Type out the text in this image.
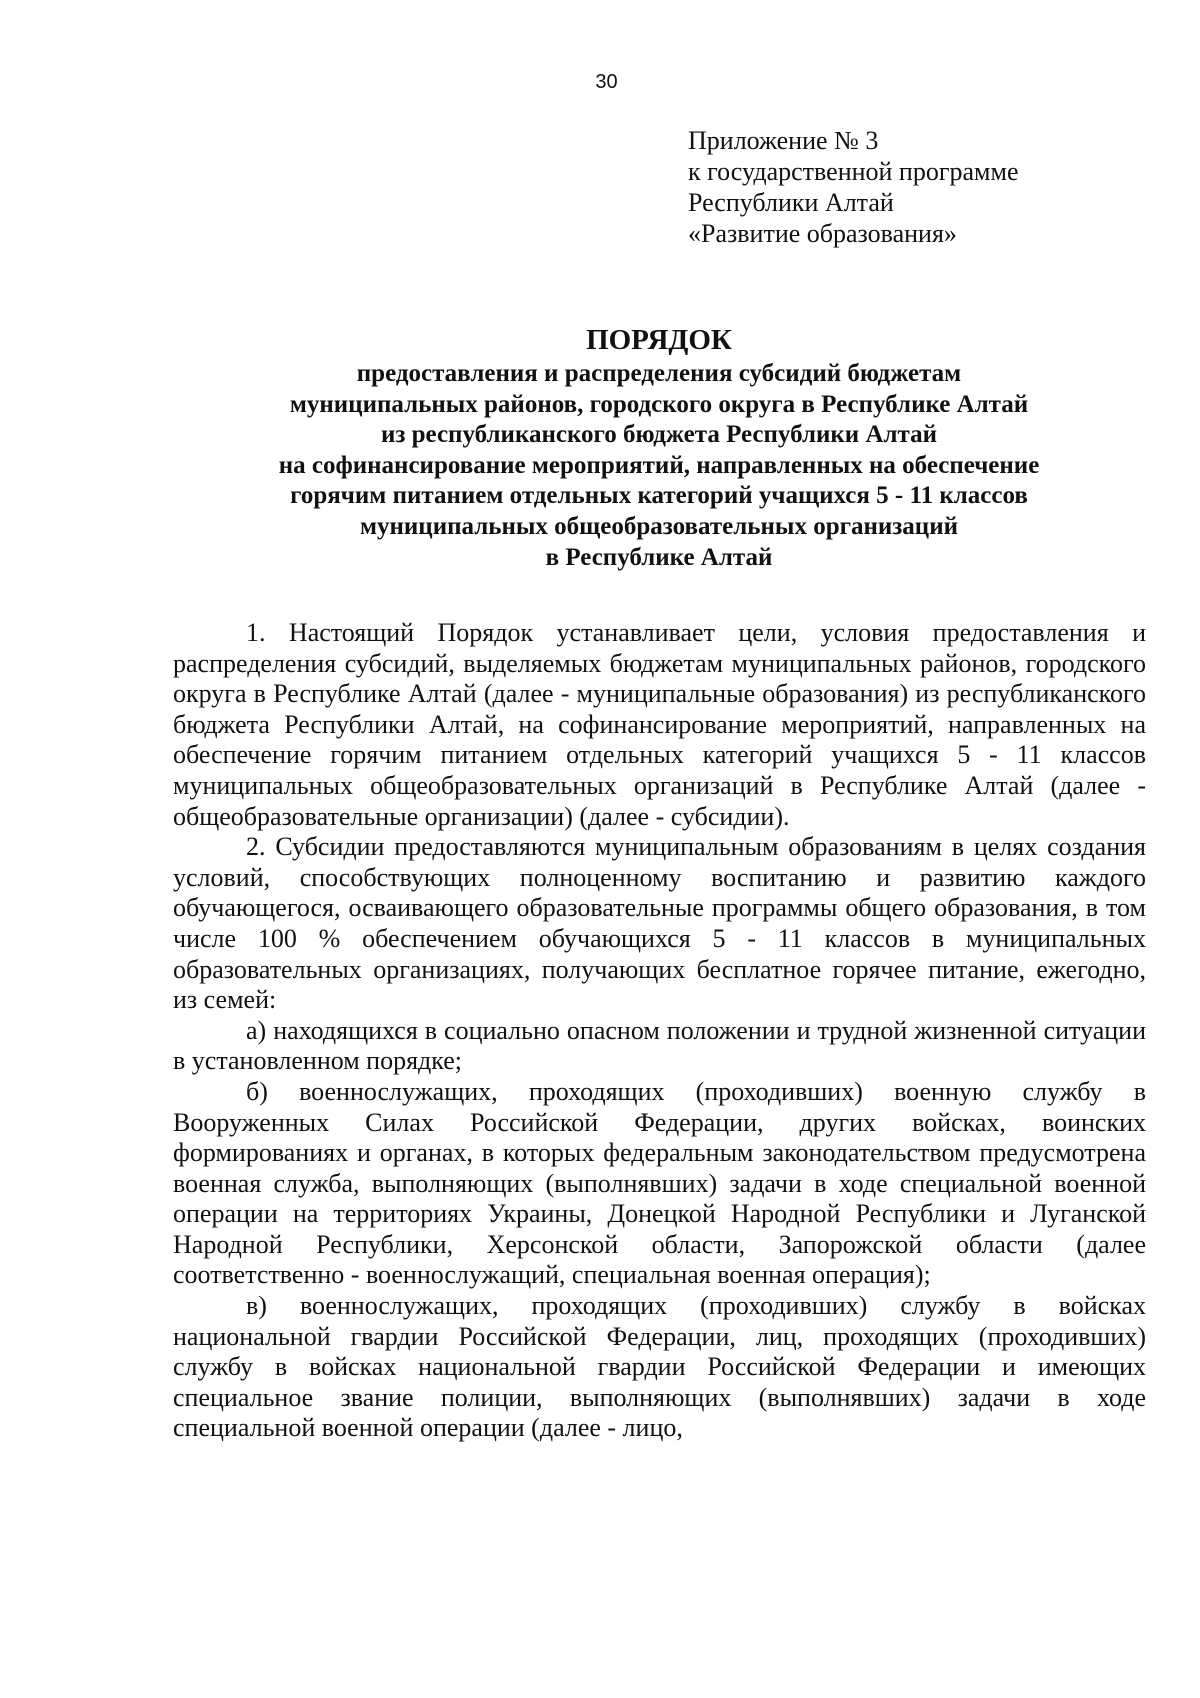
30
Приложение № 3
к государственной программе
Республики Алтай
«Развитие образования»
ПОРЯДОК
предоставления и распределения субсидий бюджетам
муниципальных районов, городского округа в Республике Алтай
из республиканского бюджета Республики Алтай
на софинансирование мероприятий, направленных на обеспечение
горячим питанием отдельных категорий учащихся 5 - 11 классов
муниципальных общеобразовательных организаций
в Республике Алтай

1. Настоящий Порядок устанавливает цели, условия предоставления и распределения субсидий, выделяемых бюджетам муниципальных районов, городского округа в Республике Алтай (далее - муниципальные образования) из республиканского бюджета Республики Алтай, на софинансирование мероприятий, направленных на обеспечение горячим питанием отдельных категорий учащихся 5 - 11 классов муниципальных общеобразовательных организаций в Республике Алтай (далее - общеобразовательные организации) (далее - субсидии).

2. Субсидии предоставляются муниципальным образованиям в целях создания условий, способствующих полноценному воспитанию и развитию каждого обучающегося, осваивающего образовательные программы общего образования, в том числе 100 % обеспечением обучающихся 5 - 11 классов в муниципальных образовательных организациях, получающих бесплатное горячее питание, ежегодно, из семей:

а) находящихся в социально опасном положении и трудной жизненной ситуации в установленном порядке;

б) военнослужащих, проходящих (проходивших) военную службу в Вооруженных Силах Российской Федерации, других войсках, воинских формированиях и органах, в которых федеральным законодательством предусмотрена военная служба, выполняющих (выполнявших) задачи в ходе специальной военной операции на территориях Украины, Донецкой Народной Республики и Луганской Народной Республики, Херсонской области, Запорожской области (далее соответственно - военнослужащий, специальная военная операция);

в) военнослужащих, проходящих (проходивших) службу в войсках национальной гвардии Российской Федерации, лиц, проходящих (проходивших) службу в войсках национальной гвардии Российской Федерации и имеющих специальное звание полиции, выполняющих (выполнявших) задачи в ходе специальной военной операции (далее - лицо,
